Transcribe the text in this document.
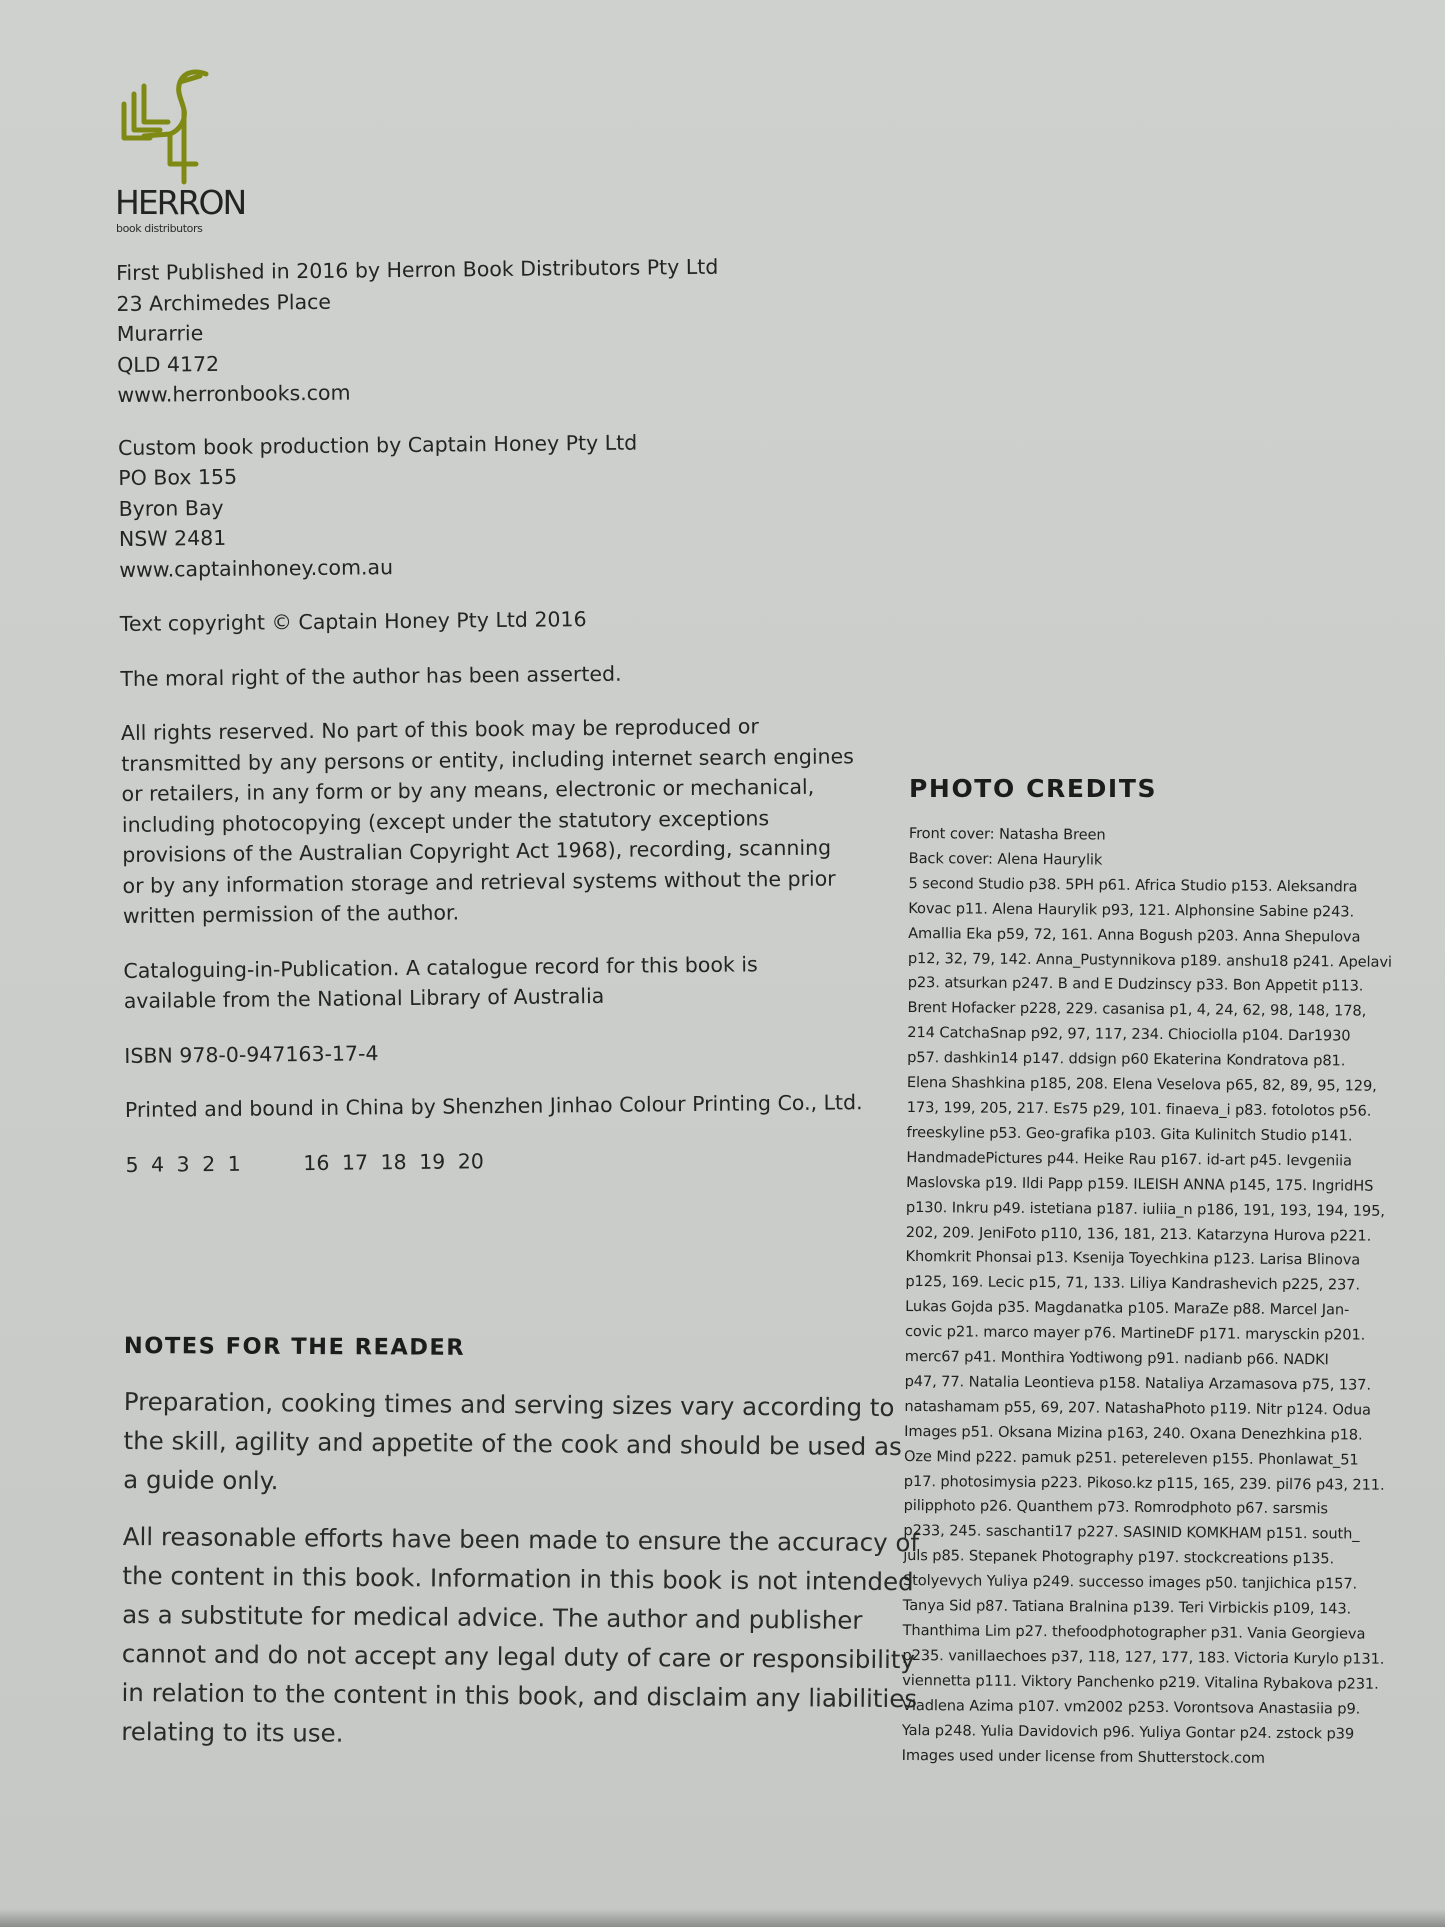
HERRON
book distributors
First Published in 2016 by Herron Book Distributors Pty Ltd
23 Archimedes Place
Murarrie
QLD 4172
www.herronbooks.com
Custom book production by Captain Honey Pty Ltd
PO Box 155
Byron Bay
NSW 2481
www.captainhoney.com.au
Text copyright © Captain Honey Pty Ltd 2016
The moral right of the author has been asserted.
All rights reserved. No part of this book may be reproduced or
transmitted by any persons or entity, including internet search engines
or retailers, in any form or by any means, electronic or mechanical,
including photocopying (except under the statutory exceptions
provisions of the Australian Copyright Act 1968), recording, scanning
or by any information storage and retrieval systems without the prior
written permission of the author.
Cataloguing-in-Publication. A catalogue record for this book is
available from the National Library of Australia
ISBN 978-0-947163-17-4
Printed and bound in China by Shenzhen Jinhao Colour Printing Co., Ltd.
5 4 3 2 1     16 17 18 19 20
NOTES FOR THE READER

Preparation, cooking times and serving sizes vary according to
the skill, agility and appetite of the cook and should be used as
a guide only.

All reasonable efforts have been made to ensure the accuracy of
the content in this book. Information in this book is not intended
as a substitute for medical advice. The author and publisher
cannot and do not accept any legal duty of care or responsibility
in relation to the content in this book, and disclaim any liabilities
relating to its use.

PHOTO CREDITS
Front cover: Natasha Breen
Back cover: Alena Haurylik
5 second Studio p38. 5PH p61. Africa Studio p153. Aleksandra
Kovac p11. Alena Haurylik p93, 121. Alphonsine Sabine p243.
Amallia Eka p59, 72, 161. Anna Bogush p203. Anna Shepulova
p12, 32, 79, 142. Anna_Pustynnikova p189. anshu18 p241. Apelavi
p23. atsurkan p247. B and E Dudzinscy p33. Bon Appetit p113.
Brent Hofacker p228, 229. casanisa p1, 4, 24, 62, 98, 148, 178,
214 CatchaSnap p92, 97, 117, 234. Chiociolla p104. Dar1930
p57. dashkin14 p147. ddsign p60 Ekaterina Kondratova p81.
Elena Shashkina p185, 208. Elena Veselova p65, 82, 89, 95, 129,
173, 199, 205, 217. Es75 p29, 101. finaeva_i p83. fotolotos p56.
freeskyline p53. Geo-grafika p103. Gita Kulinitch Studio p141.
HandmadePictures p44. Heike Rau p167. id-art p45. Ievgeniia
Maslovska p19. Ildi Papp p159. ILEISH ANNA p145, 175. IngridHS
p130. Inkru p49. istetiana p187. iuliia_n p186, 191, 193, 194, 195,
202, 209. JeniFoto p110, 136, 181, 213. Katarzyna Hurova p221.
Khomkrit Phonsai p13. Ksenija Toyechkina p123. Larisa Blinova
p125, 169. Lecic p15, 71, 133. Liliya Kandrashevich p225, 237.
Lukas Gojda p35. Magdanatka p105. MaraZe p88. Marcel Jan-
covic p21. marco mayer p76. MartineDF p171. marysckin p201.
merc67 p41. Monthira Yodtiwong p91. nadianb p66. NADKI
p47, 77. Natalia Leontieva p158. Nataliya Arzamasova p75, 137.
natashamam p55, 69, 207. NatashaPhoto p119. Nitr p124. Odua
Images p51. Oksana Mizina p163, 240. Oxana Denezhkina p18.
Oze Mind p222. pamuk p251. petereleven p155. Phonlawat_51
p17. photosimysia p223. Pikoso.kz p115, 165, 239. pil76 p43, 211.
pilipphoto p26. Quanthem p73. Romrodphoto p67. sarsmis
p233, 245. saschanti17 p227. SASINID KOMKHAM p151. south_
juls p85. Stepanek Photography p197. stockcreations p135.
Stolyevych Yuliya p249. successo images p50. tanjichica p157.
Tanya Sid p87. Tatiana Bralnina p139. Teri Virbickis p109, 143.
Thanthima Lim p27. thefoodphotographer p31. Vania Georgieva
p235. vanillaechoes p37, 118, 127, 177, 183. Victoria Kurylo p131.
viennetta p111. Viktory Panchenko p219. Vitalina Rybakova p231.
Vladlena Azima p107. vm2002 p253. Vorontsova Anastasiia p9.
Yala p248. Yulia Davidovich p96. Yuliya Gontar p24. zstock p39
Images used under license from Shutterstock.com
